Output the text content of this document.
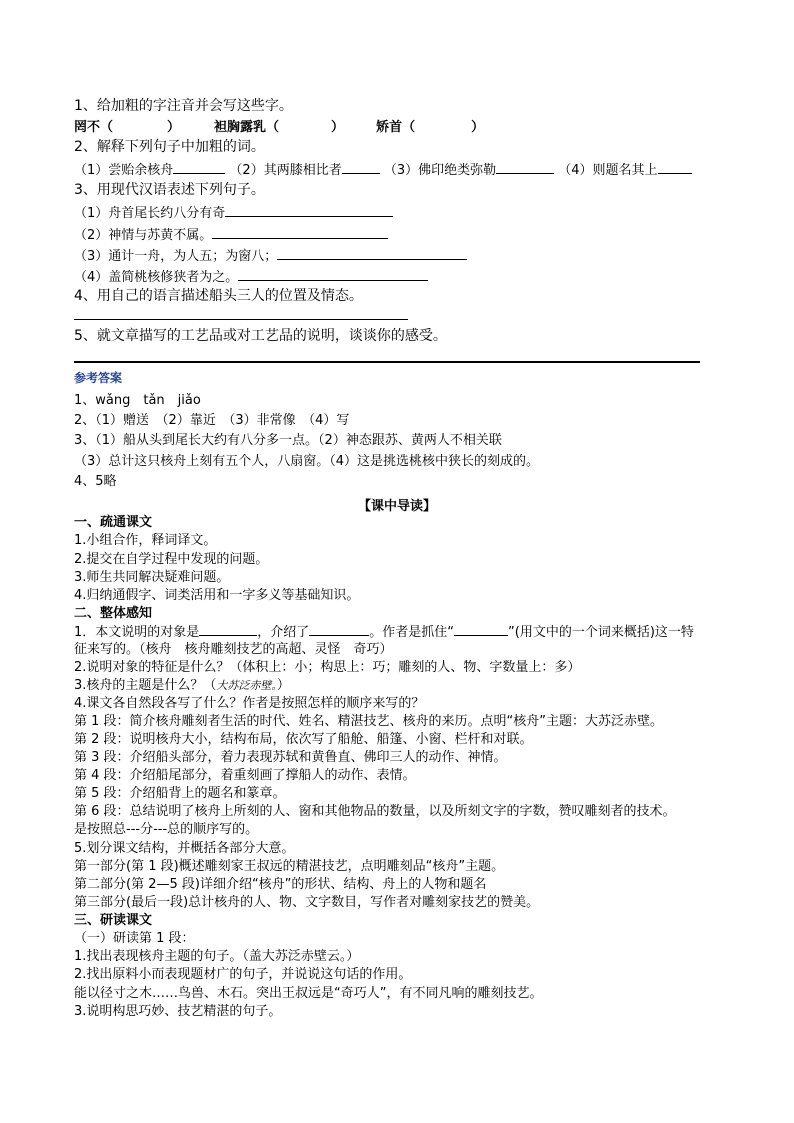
1、给加粗的字注音并会写这些字。
罔不（	）	袒胸露乳（	） 矫首（	）
2、解释下列句子中加粗的词。
（1）尝贻余核舟	（2）其两膝相比者	（3）佛印绝类弥勒	（4）则题名其上
3、用现代汉语表述下列句子。
（1）舟首尾长约八分有奇
（2）神情与苏黄不属。
（3）通计一舟，为人五；为窗八；
（4）盖简桃核修狭者为之。
4、用自己的语言描述船头三人的位置及情态。
5、就文章描写的工艺品或对工艺品的说明，谈谈你的感受。
参考答案
1、wǎng　tǎn　jiǎo
2、（1）赠送　（2）靠近　（3）非常像　（4）写
3、（1）船从头到尾长大约有八分多一点。（2）神态跟苏、黄两人不相关联
（3）总计这只核舟上刻有五个人，八扇窗。（4）这是挑选桃核中狭长的刻成的。
4、5略
【课中导读】
一、疏通课文
1.小组合作，释词译文。
2.提交在自学过程中发现的问题。
3.师生共同解决疑难问题。
4.归纳通假字、词类活用和一字多义等基础知识。
二、整体感知
1．本文说明的对象是	，介绍了	。作者是抓住“	”(用文中的一个词来概括)这一特
征来写的。（核舟　核舟雕刻技艺的高超、灵怪　奇巧）
2.说明对象的特征是什么？（体积上：小；构思上：巧；雕刻的人、物、字数量上：多）
3.核舟的主题是什么？（大苏泛赤壁。）
4.课文各自然段各写了什么？作者是按照怎样的顺序来写的？
第 1 段：简介核舟雕刻者生活的时代、姓名、精湛技艺、核舟的来历。点明“核舟”主题：大苏泛赤壁。
第 2 段：说明核舟大小，结构布局，依次写了船舱、船篷、小窗、栏杆和对联。
第 3 段：介绍船头部分，着力表现苏轼和黄鲁直、佛印三人的动作、神情。
第 4 段：介绍船尾部分，着重刻画了撑船人的动作、表情。
第 5 段：介绍船背上的题名和篆章。
第 6 段：总结说明了核舟上所刻的人、窗和其他物品的数量，以及所刻文字的字数，赞叹雕刻者的技术。
是按照总---分---总的顺序写的。
5.划分课文结构，并概括各部分大意。
第一部分(第 1 段)概述雕刻家王叔远的精湛技艺，点明雕刻品“核舟”主题。
第二部分(第 2—5 段)详细介绍“核舟”的形状、结构、舟上的人物和题名
第三部分(最后一段)总计核舟的人、物、文字数目，写作者对雕刻家技艺的赞美。
三、研读课文
（一）研读第 1 段：
1.找出表现核舟主题的句子。（盖大苏泛赤壁云。）
2.找出原料小而表现题材广的句子，并说说这句话的作用。
能以径寸之木……鸟兽、木石。突出王叔远是“奇巧人”，有不同凡响的雕刻技艺。
3.说明构思巧妙、技艺精湛的句子。
